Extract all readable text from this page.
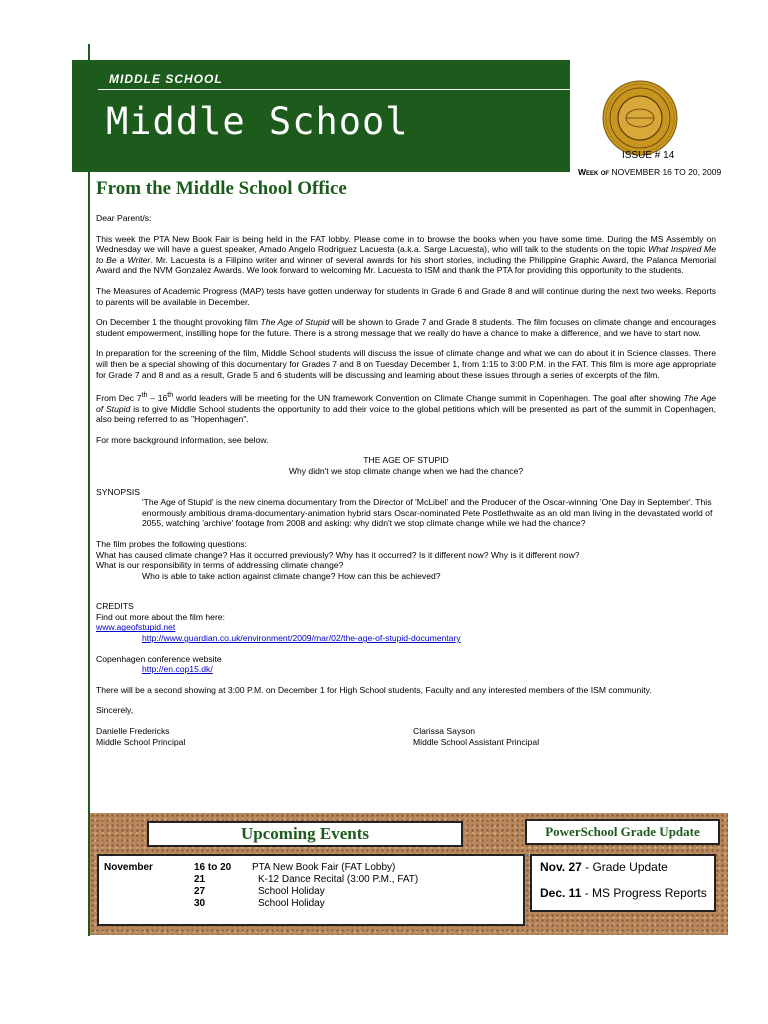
MIDDLE SCHOOL
Middle School
ISSUE # 14
Week of NOVEMBER 16 TO 20, 2009
From the Middle School Office

Dear Parent/s:

This week the PTA New Book Fair is being held in the FAT lobby. Please come in to browse the books when you have some time. During the MS Assembly on Wednesday we will have a guest speaker, Amado Angelo Rodriguez Lacuesta (a.k.a. Sarge Lacuesta), who will talk to the students on the topic What Inspired Me to Be a Writer. Mr. Lacuesta is a Filipino writer and winner of several awards for his short stories, including the Philippine Graphic Award, the Palanca Memorial Award and the NVM Gonzalez Awards. We look forward to welcoming Mr. Lacuesta to ISM and thank the PTA for providing this opportunity to the students.

The Measures of Academic Progress (MAP) tests have gotten underway for students in Grade 6 and Grade 8 and will continue during the next two weeks. Reports to parents will be available in December.

On December 1 the thought provoking film The Age of Stupid will be shown to Grade 7 and Grade 8 students. The film focuses on climate change and encourages student empowerment, instilling hope for the future. There is a strong message that we really do have a chance to make a difference, and we have to start now.

In preparation for the screening of the film, Middle School students will discuss the issue of climate change and what we can do about it in Science classes. There will then be a special showing of this documentary for Grades 7 and 8 on Tuesday December 1, from 1:15 to 3:00 P.M. in the FAT. This film is more age appropriate for Grade 7 and 8 and as a result, Grade 5 and 6 students will be discussing and learning about these issues through a series of excerpts of the film.

From Dec 7th – 16th world leaders will be meeting for the UN framework Convention on Climate Change summit in Copenhagen. The goal after showing The Age of Stupid is to give Middle School students the opportunity to add their voice to the global petitions which will be presented as part of the summit in Copenhagen, also being referred to as "Hopenhagen".

For more background information, see below.

THE AGE OF STUPID

Why didn't we stop climate change when we had the chance?

SYNOPSIS

'The Age of Stupid' is the new cinema documentary from the Director of 'McLibel' and the Producer of the Oscar-winning 'One Day in September'. This enormously ambitious drama-documentary-animation hybrid stars Oscar-nominated Pete Postlethwaite as an old man living in the devastated world of 2055, watching 'archive' footage from 2008 and asking: why didn't we stop climate change while we had the chance?

The film probes the following questions:

What has caused climate change? Has it occurred previously? Why has it occurred? Is it different now? Why is it different now?

What is our responsibility in terms of addressing climate change?

Who is able to take action against climate change? How can this be achieved?

CREDITS

Find out more about the film here:

www.ageofstupid.net

http://www.guardian.co.uk/environment/2009/mar/02/the-age-of-stupid-documentary

Copenhagen conference website

http://en.cop15.dk/

There will be a second showing at 3:00 P.M. on December 1 for High School students, Faculty and any interested members of the ISM community.

Sincerely,

Danielle Fredericks
Middle School Principal
Clarissa Sayson
Middle School Assistant Principal
Upcoming Events	PowerSchool Grade Update
November	16 to 20 PTA New Book Fair (FAT Lobby)
21	K-12 Dance Recital (3:00 P.M., FAT)
27	School Holiday
30	School Holiday
Nov. 27 - Grade Update
Dec. 11 - MS Progress Reports
